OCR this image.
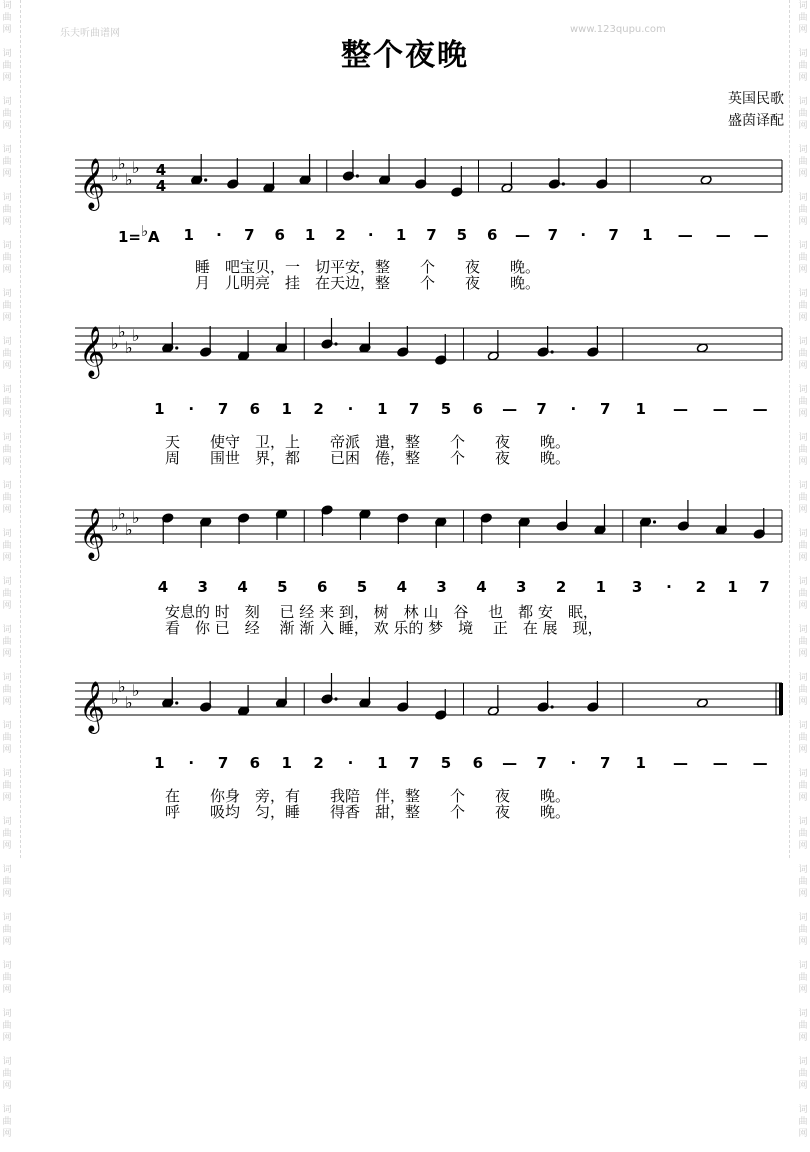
词
曲
网

词
曲
网

词
曲
网

词
曲
网

词
曲
网

词
曲
网

词
曲
网

词
曲
网

词
曲
网

词
曲
网

词
曲
网

词
曲
网

词
曲
网

词
曲
网

词
曲
网

词
曲
网

词
曲
网

词
曲
网

词
曲
网

词
曲
网

词
曲
网

词
曲
网

词
曲
网

词
曲
网

词
曲
网

词
曲
网

词
曲
网

词
曲
网

词
曲
网

词
曲
网

词
曲
网

词
曲
网

词
曲
网

词
曲
网

词
曲
网

词
曲
网

词
曲
网

词
曲
网

词
曲
网

词
曲
网

词
曲
网

词
曲
网

词
曲
网

词
曲
网

词
曲
网

词
曲
网

词
曲
网

词
曲
网

乐夫听曲谱网	www.123qupu.com
整个夜晚
英国民歌
盛茵译配
𝄞 ♭
♭
♭
♭ 4
4
1= ♭ A 1 · 7 6 1 2 · 1 7 5 6 — 7 · 7 1 — — —
睡　吧宝贝，一　切平安，整　　个　　夜　　晚。
月　儿明亮　挂　在天边，整　　个　　夜　　晚。
𝄞 ♭
♭
♭
♭
1 · 7 6 1 2 · 1 7 5 6 — 7 · 7 1 — — —
天　　使守　卫，上　　帝派　遣，整　　个　　夜　　晚。
周　　围世　界，都　　已困　倦，整　　个　　夜　　晚。
𝄞 ♭
♭
♭
♭
4 3 4 5 6 5 4 3 4 3 2 1 3 · 2 1 7
安息的 时　刻　 已 经 来 到， 树　林 山　谷　 也　都 安　眠，
看　你 已　经　 渐 渐 入 睡， 欢 乐的 梦　境　 正　在 展　现，
𝄞 ♭
♭
♭
♭
1 · 7 6 1 2 · 1 7 5 6 — 7 · 7 1 — — —
在　　你身　旁，有　　我陪　伴，整　　个　　夜　　晚。
呼　　吸均　匀，睡　　得香　甜，整　　个　　夜　　晚。
